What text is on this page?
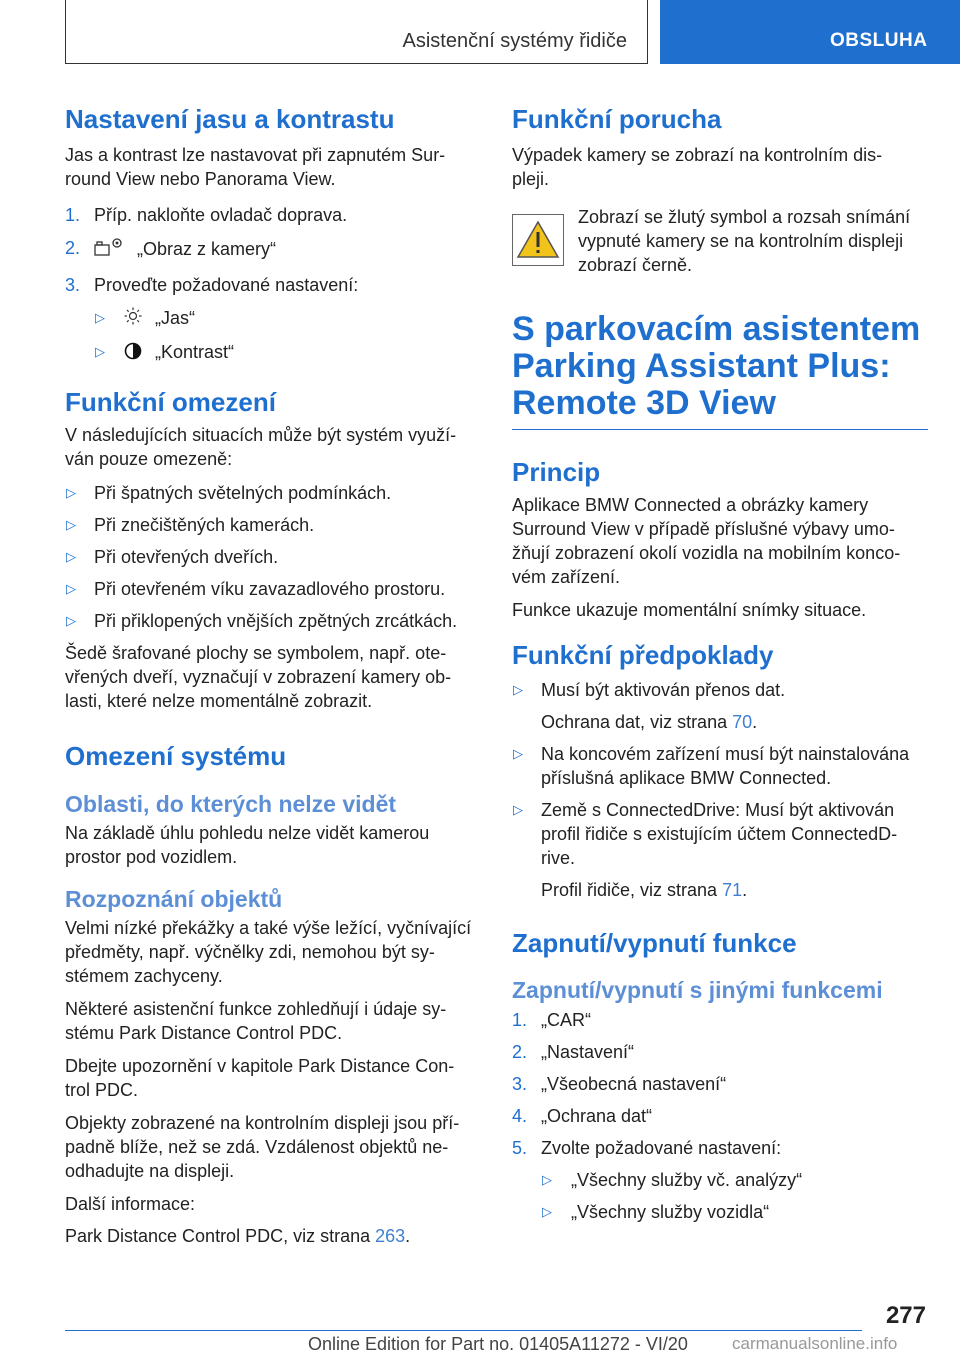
Asistenční systémy řidiče	OBSLUHA
Nastavení jasu a kontrastu

Jas a kontrast lze nastavovat při zapnutém Sur-

round View nebo Panorama View.

1. Příp. nakloňte ovladač doprava.
2.	„Obraz z kamery“
3. Proveďte požadované nastavení:
▷	„Jas“
▷	„Kontrast“
Funkční omezení

V následujících situacích může být systém využí-

ván pouze omezeně:

▷ Při špatných světelných podmínkách.
▷ Při znečištěných kamerách.
▷ Při otevřených dveřích.
▷ Při otevřeném víku zavazadlového prostoru.
▷ Při přiklopených vnějších zpětných zrcátkách.

Šedě šrafované plochy se symbolem, např. ote-

vřených dveří, vyznačují v zobrazení kamery ob-

lasti, které nelze momentálně zobrazit.

Omezení systému
Oblasti, do kterých nelze vidět

Na základě úhlu pohledu nelze vidět kamerou

prostor pod vozidlem.

Rozpoznání objektů

Velmi nízké překážky a také výše ležící, vyčnívající

předměty, např. výčnělky zdi, nemohou být sy-

stémem zachyceny.

Některé asistenční funkce zohledňují i údaje sy-

stému Park Distance Control PDC.

Dbejte upozornění v kapitole Park Distance Con-

trol PDC.

Objekty zobrazené na kontrolním displeji jsou pří-

padně blíže, než se zdá. Vzdálenost objektů ne-

odhadujte na displeji.

Další informace:

Park Distance Control PDC, viz strana 263.

Funkční porucha

Výpadek kamery se zobrazí na kontrolním dis-

pleji.

Zobrazí se žlutý symbol a rozsah snímání

vypnuté kamery se na kontrolním displeji

zobrazí černě.

S parkovacím asistentem
Parking Assistant Plus:
Remote 3D View
Princip

Aplikace BMW Connected a obrázky kamery

Surround View v případě příslušné výbavy umo-

žňují zobrazení okolí vozidla na mobilním konco-

vém zařízení.

Funkce ukazuje momentální snímky situace.

Funkční předpoklady
▷ Musí být aktivován přenos dat.
Ochrana dat, viz strana 70.
▷ Na koncovém zařízení musí být nainstalována
příslušná aplikace BMW Connected.
▷ Země s ConnectedDrive: Musí být aktivován
profil řidiče s existujícím účtem ConnectedD-
rive.
Profil řidiče, viz strana 71.
Zapnutí/vypnutí funkce
Zapnutí/vypnutí s jinými funkcemi
1. „CAR“
2. „Nastavení“
3. „Všeobecná nastavení“
4. „Ochrana dat“
5. Zvolte požadované nastavení:
▷ „Všechny služby vč. analýzy“
▷ „Všechny služby vozidla“
277
Online Edition for Part no. 01405A11272 - VI/20	carmanualsonline.info
